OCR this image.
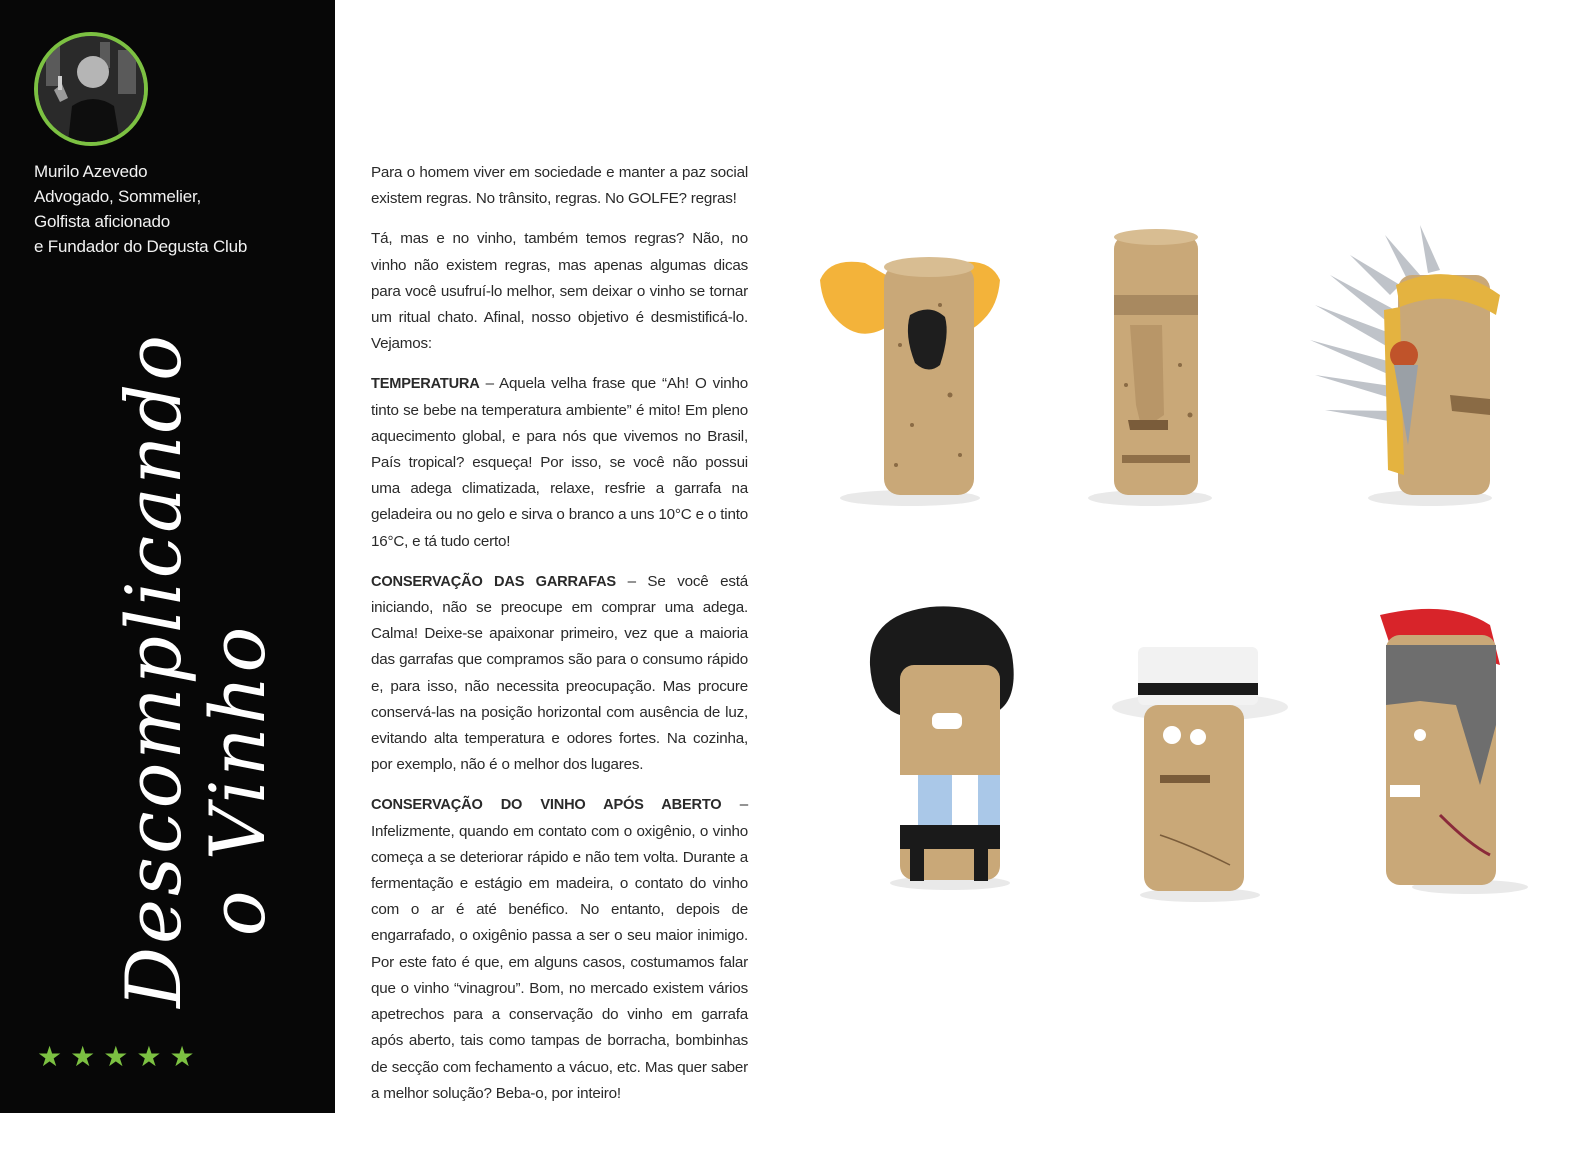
Murilo Azevedo
Advogado, Sommelier,
Golfista aficionado
e Fundador do Degusta Club
Descomplicando
o Vinho
★ ★ ★ ★ ★

Para o homem viver em sociedade e manter a paz social existem regras. No trânsito, regras. No GOLFE? regras!

Tá, mas e no vinho, também temos regras? Não, no vinho não existem regras, mas apenas algumas dicas para você usufruí-lo melhor, sem deixar o vinho se tornar um ritual chato. Afinal, nosso objetivo é desmistificá-lo. Vejamos:

TEMPERATURA – Aquela velha frase que “Ah! O vinho tinto se bebe na temperatura ambiente” é mito! Em pleno aquecimento global, e para nós que vivemos no Brasil, País tropical? esqueça! Por isso, se você não possui uma adega climatizada, relaxe, resfrie a garrafa na geladeira ou no gelo e sirva o branco a uns 10°C e o tinto 16°C, e tá tudo certo!

CONSERVAÇÃO DAS GARRAFAS – Se você está iniciando, não se preocupe em comprar uma adega. Calma! Deixe-se apaixonar primeiro, vez que a maioria das garrafas que compramos são para o consumo rápido e, para isso, não necessita preocupação. Mas procure conservá-las na posição horizontal com ausência de luz, evitando alta temperatura e odores fortes. Na cozinha, por exemplo, não é o melhor dos lugares.

CONSERVAÇÃO DO VINHO APÓS ABERTO – Infelizmente, quando em contato com o oxigênio, o vinho começa a se deteriorar rápido e não tem volta. Durante a fermentação e estágio em madeira, o contato do vinho com o ar é até benéfico. No entanto, depois de engarrafado, o oxigênio passa a ser o seu maior inimigo. Por este fato é que, em alguns casos, costumamos falar que o vinho “vinagrou”. Bom, no mercado existem vários apetrechos para a conservação do vinho em garrafa após aberto, tais como tampas de borracha, bombinhas de secção com fechamento a vácuo, etc. Mas quer saber a melhor solução? Beba-o, por inteiro!
